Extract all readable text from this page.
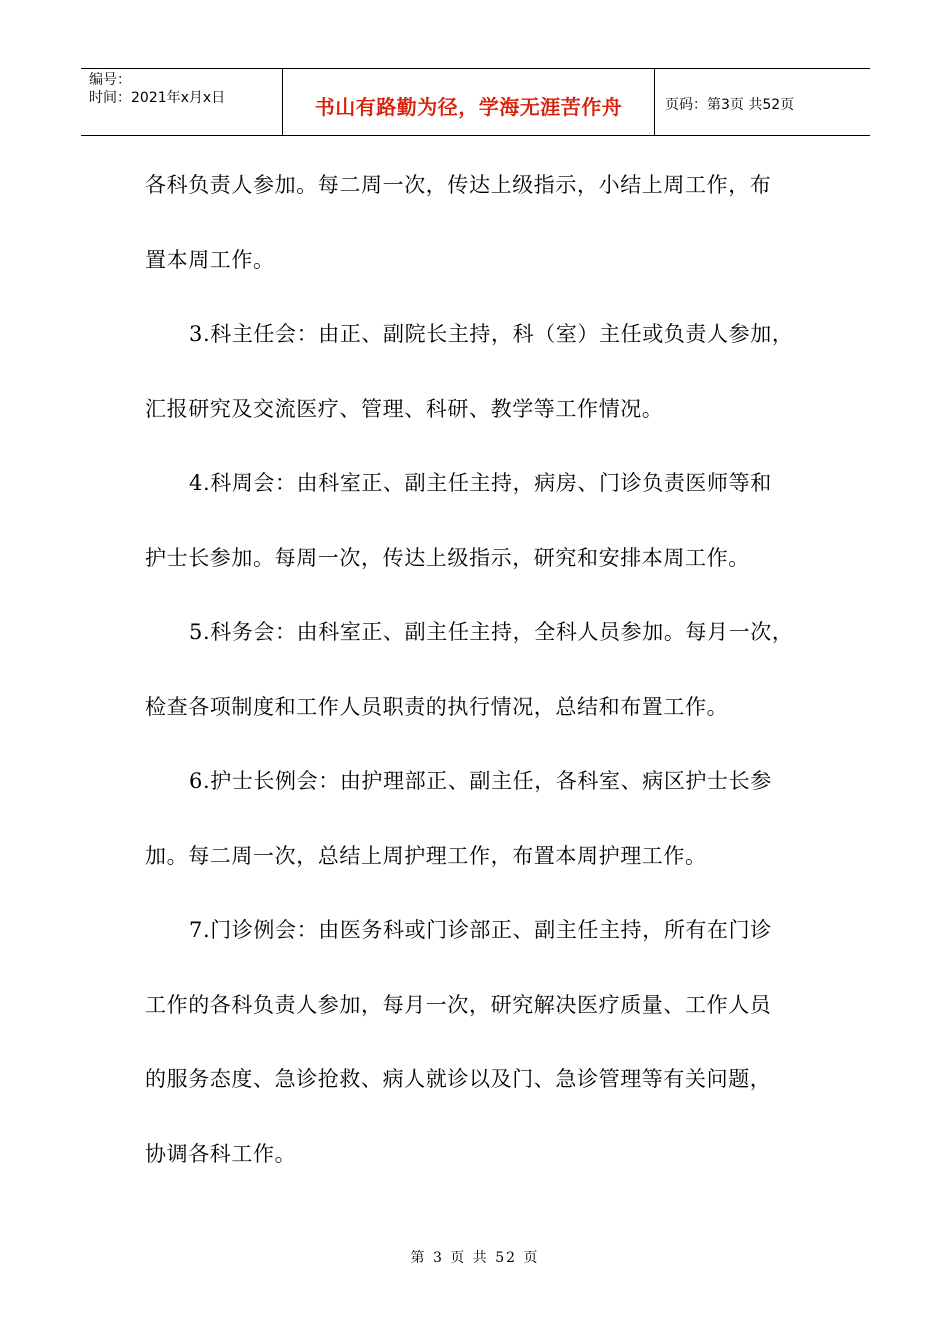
编号：
时间：2021年x月x日	书山有路勤为径，学海无涯苦作舟	页码：第3页 共52页
各科负责人参加。每二周一次，传达上级指示，小结上周工作，布
置本周工作。
3.科主任会：由正、副院长主持，科（室）主任或负责人参加，
汇报研究及交流医疗、管理、科研、教学等工作情况。
4.科周会：由科室正、副主任主持，病房、门诊负责医师等和
护士长参加。每周一次，传达上级指示，研究和安排本周工作。
5.科务会：由科室正、副主任主持，全科人员参加。每月一次，
检查各项制度和工作人员职责的执行情况，总结和布置工作。
6.护士长例会：由护理部正、副主任，各科室、病区护士长参
加。每二周一次，总结上周护理工作，布置本周护理工作。
7.门诊例会：由医务科或门诊部正、副主任主持，所有在门诊
工作的各科负责人参加，每月一次，研究解决医疗质量、工作人员
的服务态度、急诊抢救、病人就诊以及门、急诊管理等有关问题，
协调各科工作。
第 3 页 共 52 页
